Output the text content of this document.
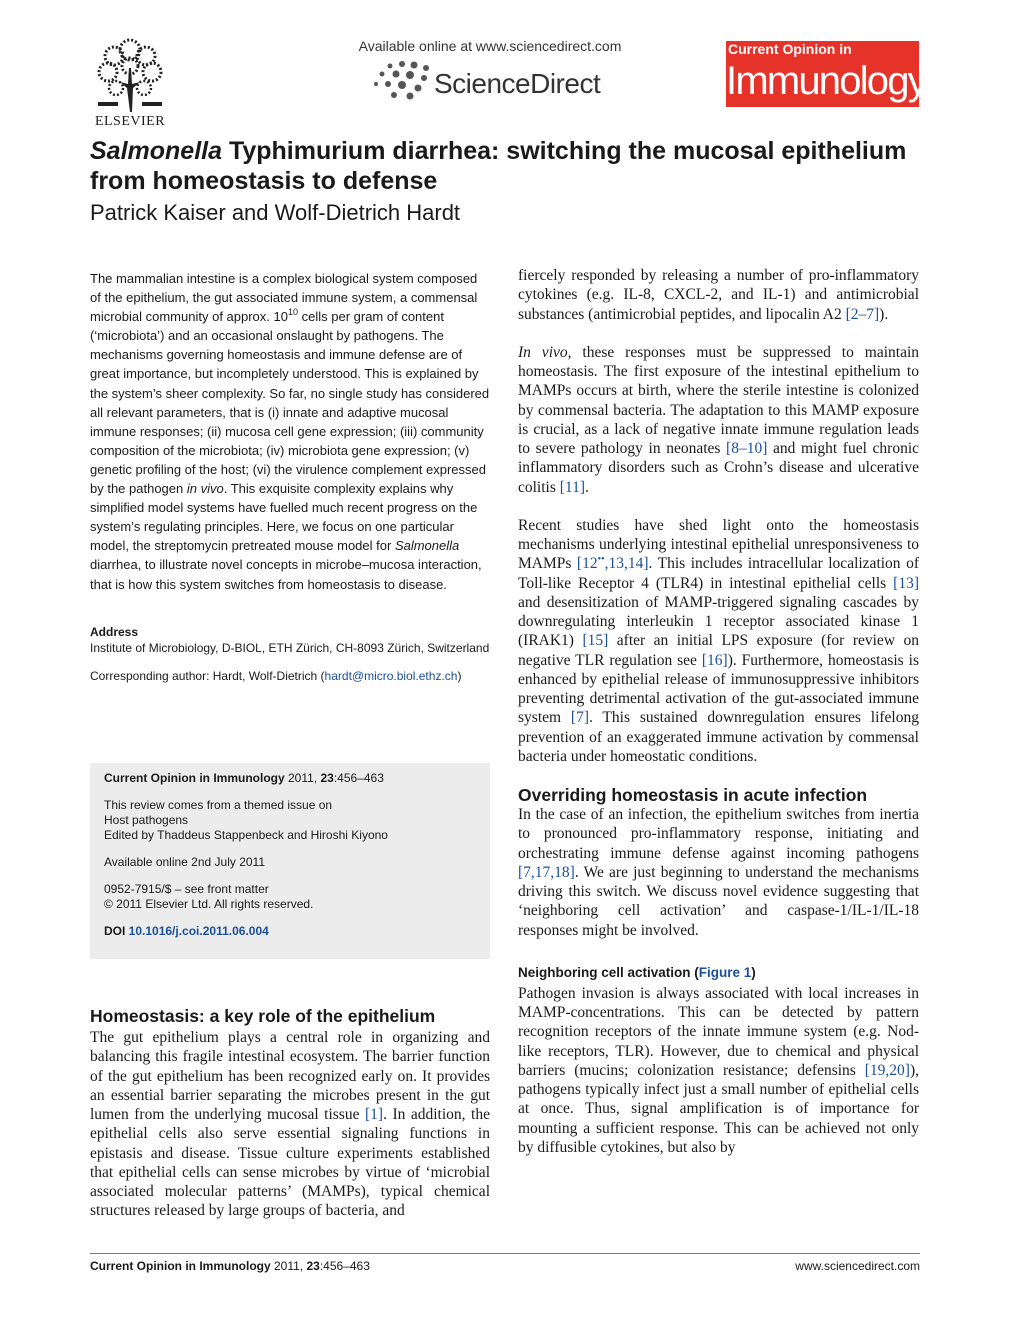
ELSEVIER
Available online at www.sciencedirect.com
ScienceDirect
Current Opinion in
Immunology
Salmonella Typhimurium diarrhea: switching the mucosal epithelium from homeostasis to defense
Patrick Kaiser and Wolf-Dietrich Hardt

The mammalian intestine is a complex biological system composed of the epithelium, the gut associated immune system, a commensal microbial community of approx. $10^{10}$ cells per gram of content (‘microbiota’) and an occasional onslaught by pathogens. The mechanisms governing homeostasis and immune defense are of great importance, but incompletely understood. This is explained by the system’s sheer complexity. So far, no single study has considered all relevant parameters, that is (i) innate and adaptive mucosal immune responses; (ii) mucosa cell gene expression; (iii) community composition of the microbiota; (iv) microbiota gene expression; (v) genetic profiling of the host; (vi) the virulence complement expressed by the pathogen in vivo. This exquisite complexity explains why simplified model systems have fuelled much recent progress on the system’s regulating principles. Here, we focus on one particular model, the streptomycin pretreated mouse model for Salmonella diarrhea, to illustrate novel concepts in microbe–mucosa interaction, that is how this system switches from homeostasis to disease.

Address
Institute of Microbiology, D-BIOL, ETH Zürich, CH-8093 Zürich, Switzerland
Corresponding author: Hardt, Wolf-Dietrich (hardt@micro.biol.ethz.ch)
Current Opinion in Immunology 2011, 23:456–463
This review comes from a themed issue on
Host pathogens
Edited by Thaddeus Stappenbeck and Hiroshi Kiyono
Available online 2nd July 2011
0952-7915/$ – see front matter
© 2011 Elsevier Ltd. All rights reserved.
DOI 10.1016/j.coi.2011.06.004
Homeostasis: a key role of the epithelium

The gut epithelium plays a central role in organizing and balancing this fragile intestinal ecosystem. The barrier function of the gut epithelium has been recognized early on. It provides an essential barrier separating the microbes present in the gut lumen from the underlying mucosal tissue [1]. In addition, the epithelial cells also serve essential signaling functions in epistasis and disease. Tissue culture experiments established that epithelial cells can sense microbes by virtue of ‘microbial associated molecular patterns’ (MAMPs), typical chemical structures released by large groups of bacteria, and

fiercely responded by releasing a number of pro-inflammatory cytokines (e.g. IL-8, CXCL-2, and IL-1) and antimicrobial substances (antimicrobial peptides, and lipocalin A2 [2–7]).

In vivo, these responses must be suppressed to maintain homeostasis. The first exposure of the intestinal epithelium to MAMPs occurs at birth, where the sterile intestine is colonized by commensal bacteria. The adaptation to this MAMP exposure is crucial, as a lack of negative innate immune regulation leads to severe pathology in neonates [8–10] and might fuel chronic inflammatory disorders such as Crohn’s disease and ulcerative colitis [11].

Recent studies have shed light onto the homeostasis mechanisms underlying intestinal epithelial unresponsiveness to MAMPs [12••,13,14]. This includes intracellular localization of Toll-like Receptor 4 (TLR4) in intestinal epithelial cells [13] and desensitization of MAMP-triggered signaling cascades by downregulating interleukin 1 receptor associated kinase 1 (IRAK1) [15] after an initial LPS exposure (for review on negative TLR regulation see [16]). Furthermore, homeostasis is enhanced by epithelial release of immunosuppressive inhibitors preventing detrimental activation of the gut-associated immune system [7]. This sustained downregulation ensures lifelong prevention of an exaggerated immune activation by commensal bacteria under homeostatic conditions.

Overriding homeostasis in acute infection

In the case of an infection, the epithelium switches from inertia to pronounced pro-inflammatory response, initiating and orchestrating immune defense against incoming pathogens [7,17,18]. We are just beginning to understand the mechanisms driving this switch. We discuss novel evidence suggesting that ‘neighboring cell activation’ and caspase-1/IL-1/IL-18 responses might be involved.

Neighboring cell activation (Figure 1)

Pathogen invasion is always associated with local increases in MAMP-concentrations. This can be detected by pattern recognition receptors of the innate immune system (e.g. Nod-like receptors, TLR). However, due to chemical and physical barriers (mucins; colonization resistance; defensins [19,20]), pathogens typically infect just a small number of epithelial cells at once. Thus, signal amplification is of importance for mounting a sufficient response. This can be achieved not only by diffusible cytokines, but also by

Current Opinion in Immunology 2011, 23:456–463	www.sciencedirect.com
